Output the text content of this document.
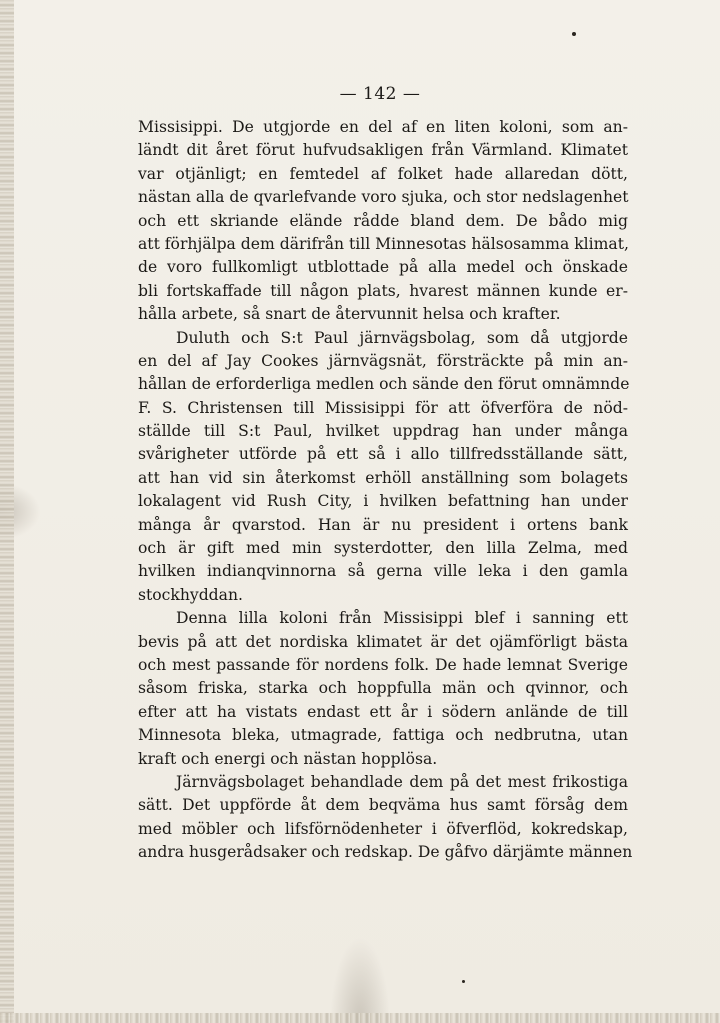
— 142 —
Missisippi. De utgjorde en del af en liten koloni, som an-
ländt dit året förut hufvudsakligen från Värmland. Klimatet
var otjänligt; en femtedel af folket hade allaredan dött,
nästan alla de qvarlefvande voro sjuka, och stor nedslagenhet
och ett skriande elände rådde bland dem. De bådo mig
att förhjälpa dem därifrån till Minnesotas hälsosamma klimat,
de voro fullkomligt utblottade på alla medel och önskade
bli fortskaffade till någon plats, hvarest männen kunde er-
hålla arbete, så snart de återvunnit helsa och krafter.
Duluth och S:t Paul järnvägsbolag, som då utgjorde
en del af Jay Cookes järnvägsnät, försträckte på min an-
hållan de erforderliga medlen och sände den förut omnämnde
F. S. Christensen till Missisippi för att öfverföra de nöd-
ställde till S:t Paul, hvilket uppdrag han under många
svårigheter utförde på ett så i allo tillfredsställande sätt,
att han vid sin återkomst erhöll anställning som bolagets
lokalagent vid Rush City, i hvilken befattning han under
många år qvarstod. Han är nu president i ortens bank
och är gift med min systerdotter, den lilla Zelma, med
hvilken indianqvinnorna så gerna ville leka i den gamla
stockhyddan.
Denna lilla koloni från Missisippi blef i sanning ett
bevis på att det nordiska klimatet är det ojämförligt bästa
och mest passande för nordens folk. De hade lemnat Sverige
såsom friska, starka och hoppfulla män och qvinnor, och
efter att ha vistats endast ett år i södern anlände de till
Minnesota bleka, utmagrade, fattiga och nedbrutna, utan
kraft och energi och nästan hopplösa.
Järnvägsbolaget behandlade dem på det mest frikostiga
sätt. Det uppförde åt dem beqväma hus samt försåg dem
med möbler och lifsförnödenheter i öfverflöd, kokredskap,
andra husgerådsaker och redskap. De gåfvo därjämte männen
